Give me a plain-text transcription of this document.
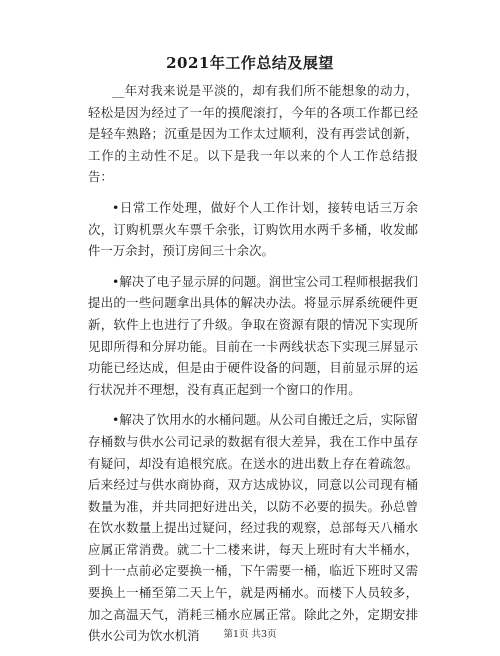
2021年工作总结及展望

__年对我来说是平淡的，却有我们所不能想象的动力，轻松是因为经过了一年的摸爬滚打，今年的各项工作都已经是轻车熟路；沉重是因为工作太过顺利，没有再尝试创新，工作的主动性不足。以下是我一年以来的个人工作总结报告：

•日常工作处理，做好个人工作计划，接转电话三万余次，订购机票火车票千余张，订购饮用水两千多桶，收发邮件一万余封，预订房间三十余次。

•解决了电子显示屏的问题。润世宝公司工程师根据我们提出的一些问题拿出具体的解决办法。将显示屏系统硬件更新，软件上也进行了升级。争取在资源有限的情况下实现所见即所得和分屏功能。目前在一卡两线状态下实现三屏显示功能已经达成，但是由于硬件设备的问题，目前显示屏的运行状况并不理想，没有真正起到一个窗口的作用。

•解决了饮用水的水桶问题。从公司自搬迁之后，实际留存桶数与供水公司记录的数据有很大差异，我在工作中虽存有疑问，却没有追根究底。在送水的进出数上存在着疏忽。后来经过与供水商协商，双方达成协议，同意以公司现有桶数量为准，并共同把好进出关，以防不必要的损失。孙总曾在饮水数量上提出过疑问，经过我的观察，总部每天八桶水应属正常消费。就二十二楼来讲，每天上班时有大半桶水，到十一点前必定要换一桶，下午需要一桶，临近下班时又需要换上一桶至第二天上午，就是两桶水。而楼下人员较多，加之高温天气，消耗三桶水应属正常。除此之外，定期安排供水公司为饮水机消	第1页 共3页
